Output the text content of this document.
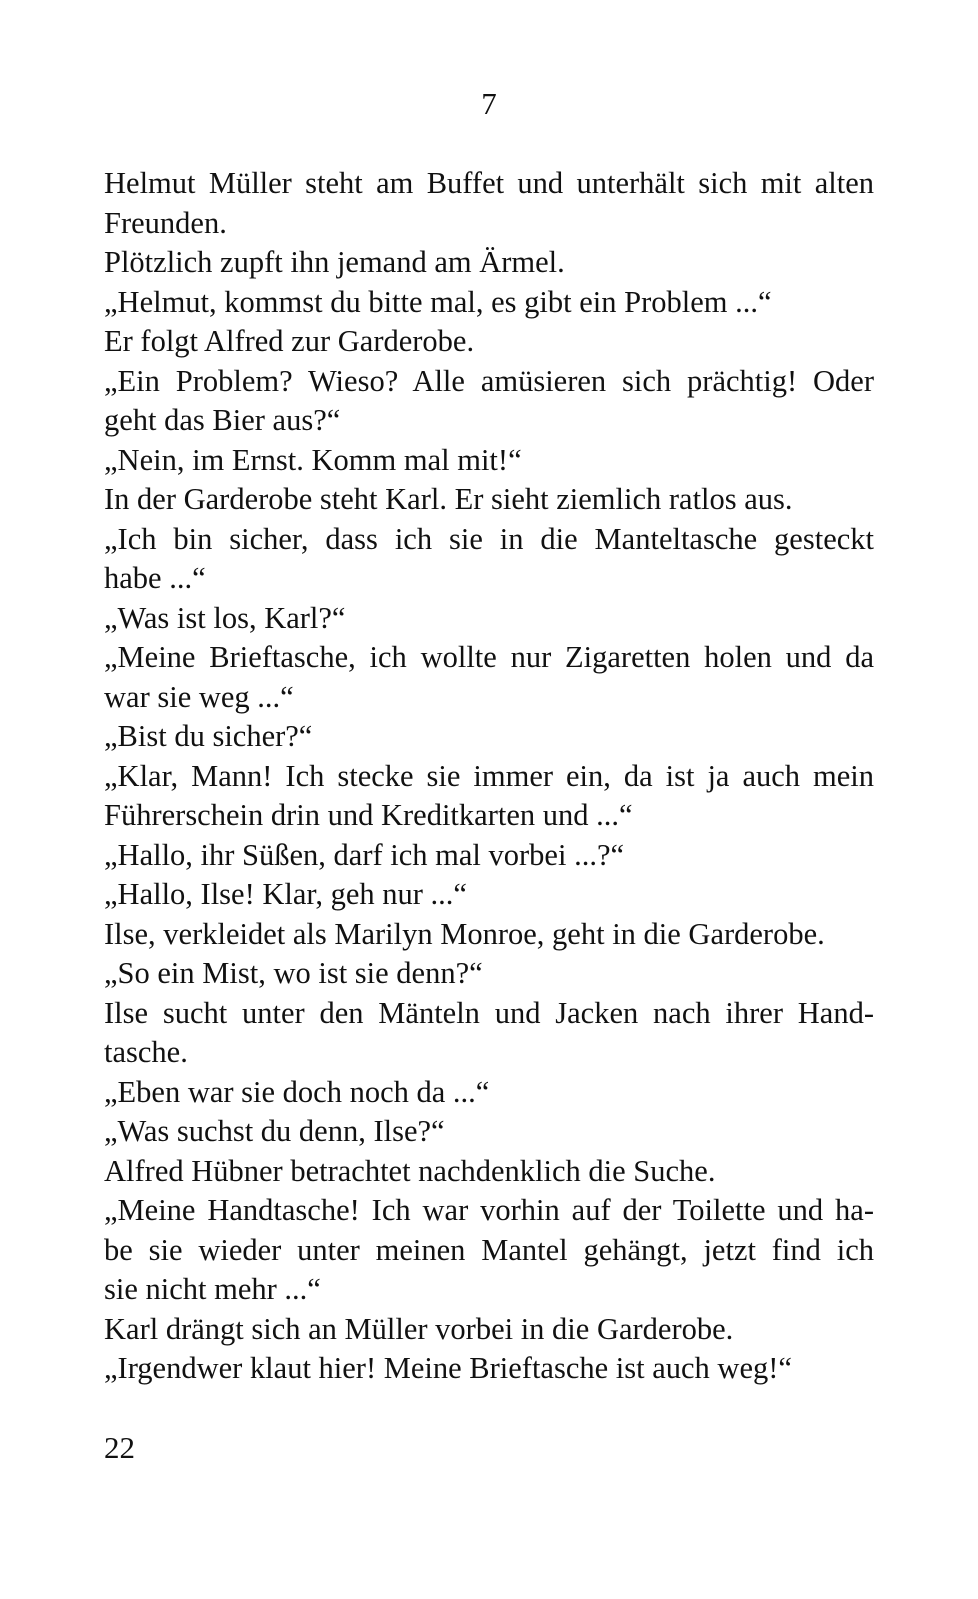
7
Helmut Müller steht am Buffet und unterhält sich mit alten
Freunden.
Plötzlich zupft ihn jemand am Ärmel.
„Helmut, kommst du bitte mal, es gibt ein Problem ...“
Er folgt Alfred zur Garderobe.
„Ein Problem? Wieso? Alle amüsieren sich prächtig! Oder
geht das Bier aus?“
„Nein, im Ernst. Komm mal mit!“
In der Garderobe steht Karl. Er sieht ziemlich ratlos aus.
„Ich bin sicher, dass ich sie in die Manteltasche gesteckt
habe ...“
„Was ist los, Karl?“
„Meine Brieftasche, ich wollte nur Zigaretten holen und da
war sie weg ...“
„Bist du sicher?“
„Klar, Mann! Ich stecke sie immer ein, da ist ja auch mein
Führerschein drin und Kreditkarten und ...“
„Hallo, ihr Süßen, darf ich mal vorbei ...?“
„Hallo, Ilse! Klar, geh nur ...“
Ilse, verkleidet als Marilyn Monroe, geht in die Garderobe.
„So ein Mist, wo ist sie denn?“
Ilse sucht unter den Mänteln und Jacken nach ihrer Hand-
tasche.
„Eben war sie doch noch da ...“
„Was suchst du denn, Ilse?“
Alfred Hübner betrachtet nachdenklich die Suche.
„Meine Handtasche! Ich war vorhin auf der Toilette und ha-
be sie wieder unter meinen Mantel gehängt, jetzt find ich
sie nicht mehr ...“
Karl drängt sich an Müller vorbei in die Garderobe.
„Irgendwer klaut hier! Meine Brieftasche ist auch weg!“
22
